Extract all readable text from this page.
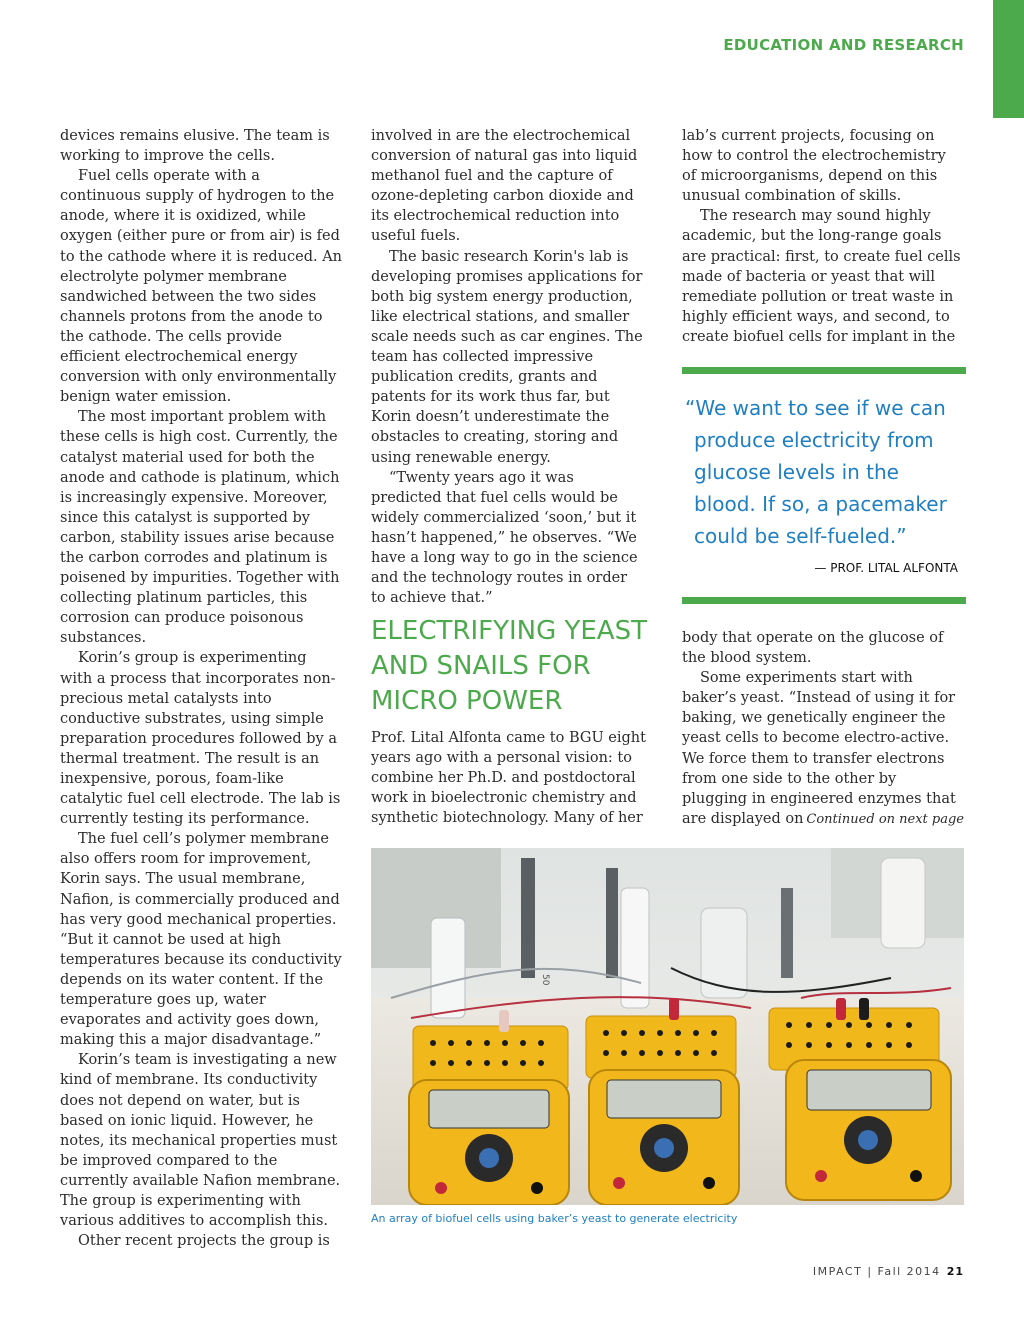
EDUCATION AND RESEARCH

devices remains elusive. The team is working to improve the cells.

Fuel cells operate with a continuous supply of hydrogen to the anode, where it is oxidized, while oxygen (either pure or from air) is fed to the cathode where it is reduced. An electrolyte polymer membrane sandwiched between the two sides channels protons from the anode to the cathode. The cells provide efficient electrochemical energy conversion with only environmentally benign water emission.

The most important problem with these cells is high cost. Currently, the catalyst material used for both the anode and cathode is platinum, which is increasingly expensive. Moreover, since this catalyst is supported by carbon, stability issues arise because the carbon corrodes and platinum is poisened by impurities. Together with collecting platinum particles, this corrosion can produce poisonous substances.

Korin’s group is experimenting with a process that incorporates non-precious metal catalysts into conductive substrates, using simple preparation procedures followed by a thermal treatment. The result is an inexpensive, porous, foam-like catalytic fuel cell electrode. The lab is currently testing its performance.

The fuel cell’s polymer membrane also offers room for improvement, Korin says. The usual membrane, Nafion, is commercially produced and has very good mechanical properties. “But it cannot be used at high temperatures because its conductivity depends on its water content. If the temperature goes up, water evaporates and activity goes down, making this a major disadvantage.”

Korin’s team is investigating a new kind of membrane. Its conductivity does not depend on water, but is based on ionic liquid. However, he notes, its mechanical properties must be improved compared to the currently available Nafion membrane. The group is experimenting with various additives to accomplish this.

Other recent projects the group is

involved in are the electrochemical conversion of natural gas into liquid methanol fuel and the capture of ozone-depleting carbon dioxide and its electrochemical reduction into useful fuels.

The basic research Korin's lab is developing promises applications for both big system energy production, like electrical stations, and smaller scale needs such as car engines. The team has collected impressive publication credits, grants and patents for its work thus far, but Korin doesn’t underestimate the obstacles to creating, storing and using renewable energy.

“Twenty years ago it was predicted that fuel cells would be widely commercialized ‘soon,’ but it hasn’t happened,” he observes. “We have a long way to go in the science and the technology routes in order to achieve that.”

ELECTRIFYING YEAST AND SNAILS FOR MICRO POWER

Prof. Lital Alfonta came to BGU eight years ago with a personal vision: to combine her Ph.D. and postdoctoral work in bioelectronic chemistry and synthetic biotechnology. Many of her

lab’s current projects, focusing on how to control the electrochemistry of microorganisms, depend on this unusual combination of skills.

The research may sound highly academic, but the long-range goals are practical: first, to create fuel cells made of bacteria or yeast that will remediate pollution or treat waste in highly efficient ways, and second, to create biofuel cells for implant in the

“We want to see if we can produce electricity from glucose levels in the blood. If so, a pacemaker could be self-fueled.”
— PROF. LITAL ALFONTA

body that operate on the glucose of the blood system.

Some experiments start with baker’s yeast. “Instead of using it for baking, we genetically engineer the yeast cells to become electro-active. We force them to transfer electrons from one side to the other by plugging in engineered enzymes that are displayed on Continued on next page
50
An array of biofuel cells using baker’s yeast to generate electricity
IMPACT | Fall 2014 21
